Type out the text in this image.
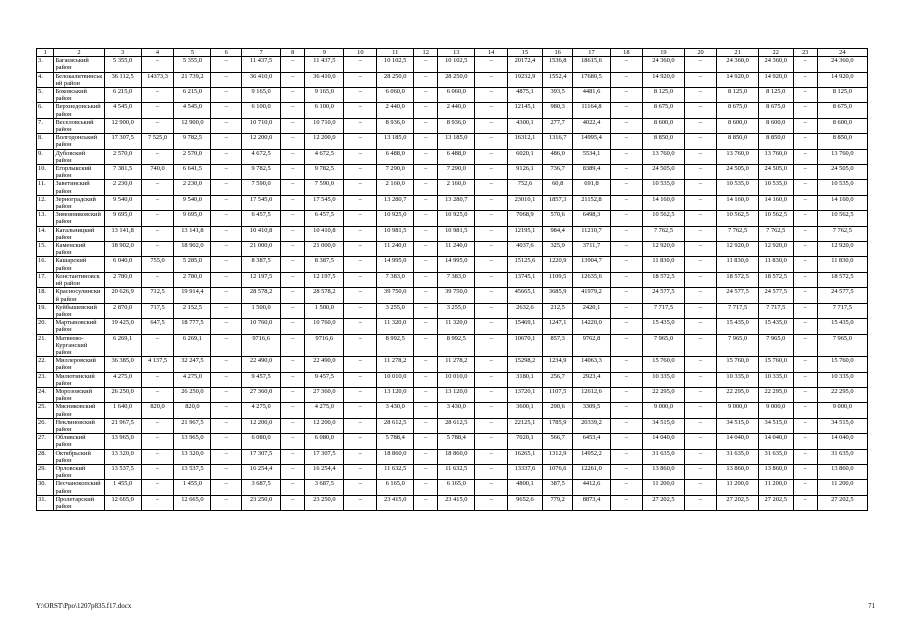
1	2	3	4	5	6	7	8	9	10	11	12	13	14	15	16	17	18	19	20	21	22	23	24
3.	Багаєвський район	5 355,0	–	5 355,0	–	11 437,5	–	11 437,5	–	10 102,5	–	10 102,5	–	20172,4	1536,8	18615,6	–	24 360,0	–	24 360,0	24 360,0	–	24 360,0
4.	Белокалитвинський район	36 112,5	14373,3	21 739,2	–	36 410,0	–	36 410,0	–	28 250,0	–	28 250,0	–	19232,9	1552,4	17680,5	–	14 920,0	–	14 920,0	14 920,0	–	14 920,0
5.	Боковський район	6 215,0	–	6 215,0	–	9 165,0	–	9 165,0	–	6 060,0	–	6 060,0	–	4875,1	393,5	4481,6	–	8 125,0	–	8 125,0	8 125,0	–	8 125,0
6.	Верхнедонський район	4 545,0	–	4 545,0	–	6 100,0	–	6 100,0	–	2 440,0	–	2 440,0	–	12145,1	980,3	11164,8	–	8 675,0	–	8 675,0	8 675,0	–	8 675,0
7.	Веселовський район	12 900,0	–	12 900,0	–	10 710,0	–	10 710,0	–	8 936,0	–	8 936,0	–	4300,1	277,7	4022,4	–	8 600,0	–	8 600,0	8 600,0	–	8 600,0
8.	Волгодонський район	17 307,5	7 525,0	9 782,5	–	12 200,0	–	12 200,0	–	13 185,0	–	13 185,0	–	16312,1	1316,7	14995,4	–	8 850,0	–	8 850,0	8 850,0	–	8 850,0
9.	Дубовский район	2 570,0	–	2 570,0	–	4 672,5	–	4 672,5	–	6 488,0	–	6 488,0	–	6020,1	486,0	5534,1	–	13 760,0	–	13 760,0	13 760,0	–	13 760,0
10.	Егорлыкский район	7 381,5	740,0	6 641,5	–	9 782,5	–	9 782,5	–	7 290,0	–	7 290,0	–	9126,1	736,7	8389,4	–	24 505,0	–	24 505,0	24 505,0	–	24 505,0
11.	Заветинский район	2 230,0	–	2 230,0	–	7 590,0	–	7 590,0	–	2 160,0	–	2 160,0	–	752,6	60,8	691,8	–	10 535,0	–	10 535,0	10 535,0	–	10 535,0
12.	Зерноградский район	9 540,0	–	9 540,0	–	17 545,0	–	17 545,0	–	13 280,7	–	13 280,7	–	23010,1	1857,3	21152,8	–	14 160,0	–	14 160,0	14 160,0	–	14 160,0
13.	Зимовниковский район	9 695,0	–	9 695,0	–	6 457,5	–	6 457,5	–	10 925,0	–	10 925,0	–	7068,9	570,6	6498,3	–	10 562,5	–	10 562,5	10 562,5	–	10 562,5
14.	Кагальницкий район	13 141,8	–	13 141,8	–	10 410,8	–	10 410,8	–	10 981,5	–	10 981,5	–	12195,1	984,4	11210,7	–	7 762,5	–	7 762,5	7 762,5	–	7 762,5
15.	Каменский район	18 902,0	–	18 902,0	–	21 000,0	–	21 000,0	–	11 240,0	–	11 240,0	–	4037,6	325,9	3711,7	–	12 920,0	–	12 920,0	12 920,0	–	12 920,0
16.	Кашарский район	6 040,0	755,0	5 285,0	–	8 387,5	–	8 387,5	–	14 995,0	–	14 995,0	–	15125,6	1220,9	13904,7	–	11 830,0	–	11 830,0	11 830,0	–	11 830,0
17.	Константиновский район	2 780,0	–	2 780,0	–	12 197,5	–	12 197,5	–	7 383,0	–	7 383,0	–	13745,1	1109,5	12635,6	–	18 572,5	–	18 572,5	18 572,5	–	18 572,5
18.	Красносулинский район	20 626,9	712,5	19 914,4	–	28 578,2	–	28 578,2	–	39 750,0	–	39 750,0	–	45665,1	3685,9	41979,2	–	24 577,5	–	24 577,5	24 577,5	–	24 577,5
19.	Куйбышевский район	2 870,0	717,5	2 152,5	–	1 500,0	–	1 500,0	–	3 255,0	–	3 255,0	–	2632,6	212,5	2420,1	–	7 717,5	–	7 717,5	7 717,5	–	7 717,5
20.	Мартыновский район	19 425,0	647,5	18 777,5	–	10 760,0	–	10 760,0	–	11 320,0	–	11 320,0	–	15469,1	1247,1	14220,0	–	15 435,0	–	15 435,0	15 435,0	–	15 435,0
21.	Матвеево-Курганский район	6 269,1	–	6 269,1	–	9716,6	–	9716,6	–	8 992,5	–	8 992,5	–	10670,1	857,3	9762,8	–	7 965,0	–	7 965,0	7 965,0	–	7 965,0
22.	Миллеровский район	36 385,0	4 137,5	32 247,5	–	22 490,0	–	22 490,0	–	11 278,2	–	11 278,2	–	15298,2	1234,9	14063,3	–	15 760,0	–	15 760,0	15 760,0	–	15 760,0
23.	Милютинский район	4 275,0	–	4 275,0	–	9 457,5	–	9 457,5	–	10 010,0	–	10 010,0	–	3180,1	256,7	2923,4	–	10 335,0	–	10 335,0	10 335,0	–	10 335,0
24.	Морозовский район	26 250,0	–	26 250,0	–	27 360,0	–	27 360,0	–	13 120,0	–	13 120,0	–	13720,1	1107,5	12612,6	–	22 295,0	–	22 295,0	22 295,0	–	22 295,0
25.	Мясниковский район	1 640,0	820,0	820,0	–	4 275,0	–	4 275,0	–	3 430,0	–	3 430,0	–	3600,1	290,6	3309,5	–	9 000,0	–	9 000,0	9 000,0	–	9 000,0
26.	Неклиновский район	21 967,5	–	21 967,5	–	12 200,0	–	12 200,0	–	28 612,5	–	28 612,5	–	22125,1	1785,9	20339,2	–	34 515,0	–	34 515,0	34 515,0	–	34 515,0
27.	Обливский район	13 965,0	–	13 965,0	–	6 080,0	–	6 080,0	–	5 788,4	–	5 788,4	–	7020,1	566,7	6453,4	–	14 040,0	–	14 040,0	14 040,0	–	14 040,0
28.	Октябрьский район	13 320,0	–	13 320,0	–	17 307,5	–	17 307,5	–	18 860,0	–	18 860,0	–	16265,1	1312,9	14952,2	–	31 635,0	–	31 635,0	31 635,0	–	31 635,0
29.	Орловский район	13 537,5	–	13 537,5	–	16 254,4	–	16 254,4	–	11 632,5	–	11 632,5	–	13337,6	1076,6	12261,0	–	13 860,0	–	13 860,0	13 860,0	–	13 860,0
30.	Песчанокопский район	1 455,0	–	1 455,0	–	3 687,5	–	3 687,5	–	6 165,0	–	6 165,0	–	4800,1	387,5	4412,6	–	11 200,0	–	11 200,0	11 200,0	–	11 200,0
31.	Пролетарский район	12 665,0	–	12 665,0	–	23 250,0	–	23 250,0	–	23 415,0	–	23 415,0	–	9652,6	779,2	8873,4	–	27 202,5	–	27 202,5	27 202,5	–	27 202,5
Y:\ORST\Ppo\1207p835.f17.docx	71
